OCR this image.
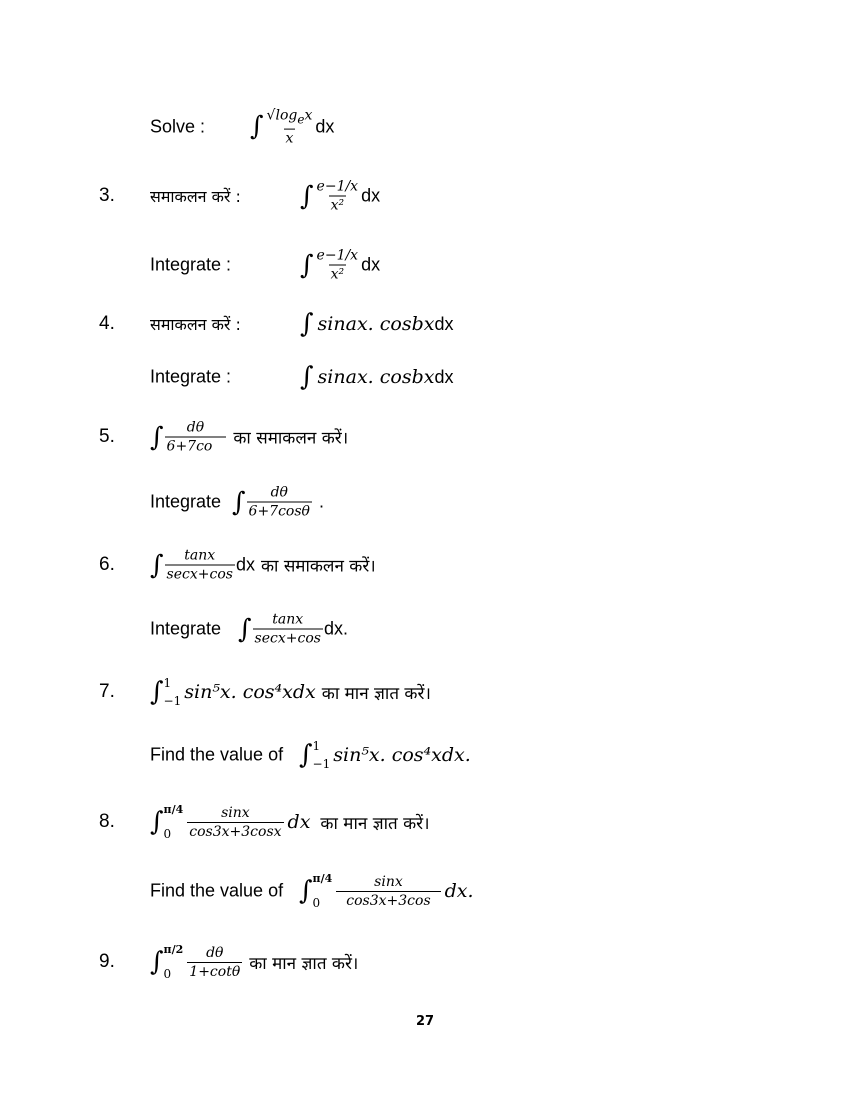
Solve : ∫ $\frac{√\log_ex}{x}$ dx
3. समाकलन करें : ∫ $\frac{e-1/x}{\text{x²}}$ dx
Integrate :	∫ $\frac{e-1/x}{\text{x²}}$ dx
4. समाकलन करें : ∫ sinax. cosbx dx
Integrate :	∫ sinax. cosbx dx
5. ∫ $\frac{d\theta}{6+7co}$ का समाकलन करें।
Integrate ∫ $\frac{d\theta}{6+7\cos\theta}$ .
6. ∫ $\frac{\tan x}{\sec x+\cos}$ dx का समाकलन करें।
Integrate ∫ $\frac{\tan x}{\sec x+\cos}$ dx.
7. ∫ 1
−1 sin⁵x. cos⁴xdx का मान ज्ञात करें।
Find the value of ∫ 1
−1 sin⁵x. cos⁴xdx.
8. ∫ π/4
0	$\frac{\sin x}{\cos 3x+3\cos x}$ dx का मान ज्ञात करें।
Find the value of ∫ π/4
0	$\frac{\sin x}{\cos 3x+3\cos}$ dx.
9. ∫ π/2
0	$\frac{d\theta}{1+\cot\theta}$ का मान ज्ञात करें।
27
